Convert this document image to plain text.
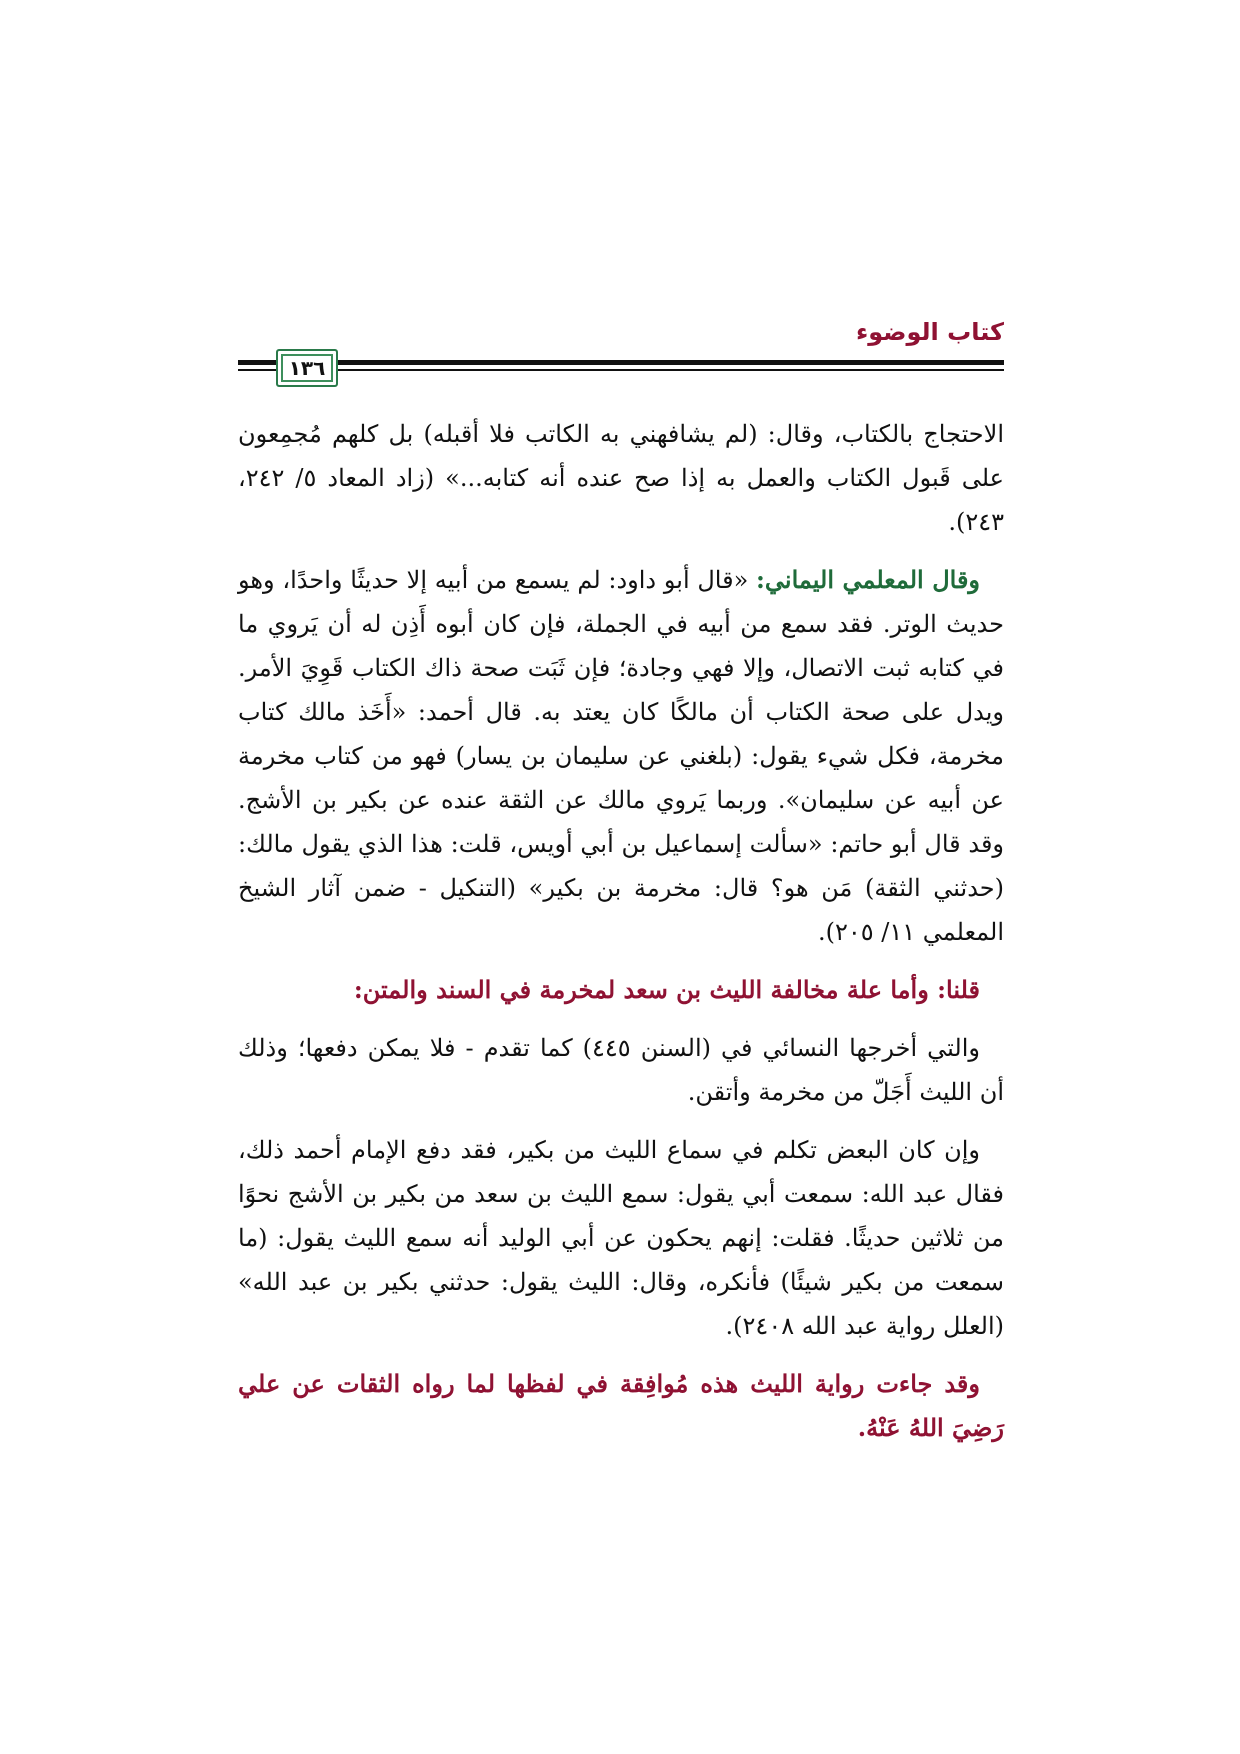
كتاب الوضوء
١٣٦

الاحتجاج بالكتاب، وقال: (لم يشافهني به الكاتب فلا أقبله) بل كلهم مُجمِعون على قَبول الكتاب والعمل به إذا صح عنده أنه كتابه...» (زاد المعاد ٥/ ٢٤٢، ٢٤٣).

وقال المعلمي اليماني: «قال أبو داود: لم يسمع من أبيه إلا حديثًا واحدًا، وهو حديث الوتر. فقد سمع من أبيه في الجملة، فإن كان أبوه أَذِن له أن يَروي ما في كتابه ثبت الاتصال، وإلا فهي وجادة؛ فإن ثَبَت صحة ذاك الكتاب قَوِيَ الأمر. ويدل على صحة الكتاب أن مالكًا كان يعتد به. قال أحمد: «أَخَذ مالك كتاب مخرمة، فكل شيء يقول: (بلغني عن سليمان بن يسار) فهو من كتاب مخرمة عن أبيه عن سليمان». وربما يَروي مالك عن الثقة عنده عن بكير بن الأشج. وقد قال أبو حاتم: «سألت إسماعيل بن أبي أويس، قلت: هذا الذي يقول مالك: (حدثني الثقة) مَن هو؟ قال: مخرمة بن بكير» (التنكيل - ضمن آثار الشيخ المعلمي ١١/ ٢٠٥).

قلنا: وأما علة مخالفة الليث بن سعد لمخرمة في السند والمتن:

والتي أخرجها النسائي في (السنن ٤٤٥) كما تقدم - فلا يمكن دفعها؛ وذلك أن الليث أَجَلّ من مخرمة وأتقن.

وإن كان البعض تكلم في سماع الليث من بكير، فقد دفع الإمام أحمد ذلك، فقال عبد الله: سمعت أبي يقول: سمع الليث بن سعد من بكير بن الأشج نحوًا من ثلاثين حديثًا. فقلت: إنهم يحكون عن أبي الوليد أنه سمع الليث يقول: (ما سمعت من بكير شيئًا) فأنكره، وقال: الليث يقول: حدثني بكير بن عبد الله» (العلل رواية عبد الله ٢٤٠٨).

وقد جاءت رواية الليث هذه مُوافِقة في لفظها لما رواه الثقات عن علي رَضِيَ اللهُ عَنْهُ.
